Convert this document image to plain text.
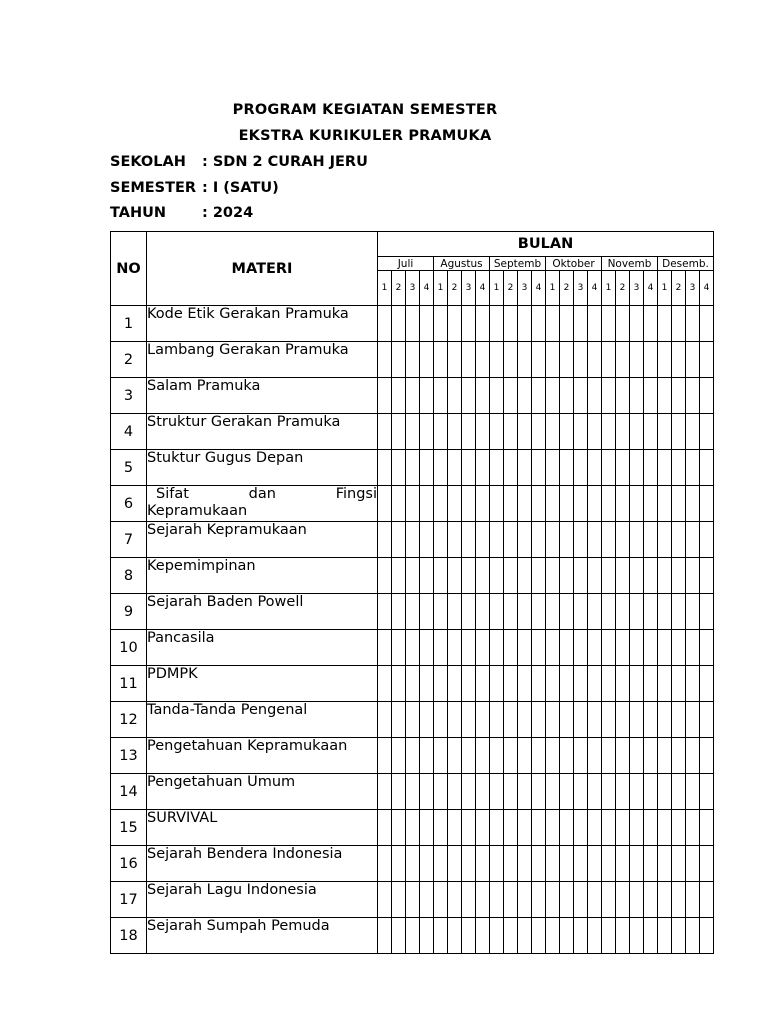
PROGRAM KEGIATAN SEMESTER
EKSTRA KURIKULER PRAMUKA
SEKOLAH : SDN 2 CURAH JERU
SEMESTER : I (SATU)
TAHUN : 2024
NO	MATERI	BULAN																							
		Juli				Agustus				Septemb				Oktober				Novemb				Desemb.			
		1	2	3	4	1	2	3	4	1	2	3	4	1	2	3	4	1	2	3	4	1	2	3	4
1	Kode Etik Gerakan Pramuka																								
2	Lambang Gerakan Pramuka																								
3	Salam Pramuka																								
4	Struktur Gerakan Pramuka																								
5	Stuktur Gugus Depan																								
6	Sifat dan Fingsi
Kepramukaan																								
7	Sejarah Kepramukaan																								
8	Kepemimpinan																								
9	Sejarah Baden Powell																								
10	Pancasila																								
11	PDMPK																								
12	Tanda-Tanda Pengenal																								
13	Pengetahuan Kepramukaan																								
14	Pengetahuan Umum																								
15	SURVIVAL																								
16	Sejarah Bendera Indonesia																								
17	Sejarah Lagu Indonesia																								
18	Sejarah Sumpah Pemuda																								
